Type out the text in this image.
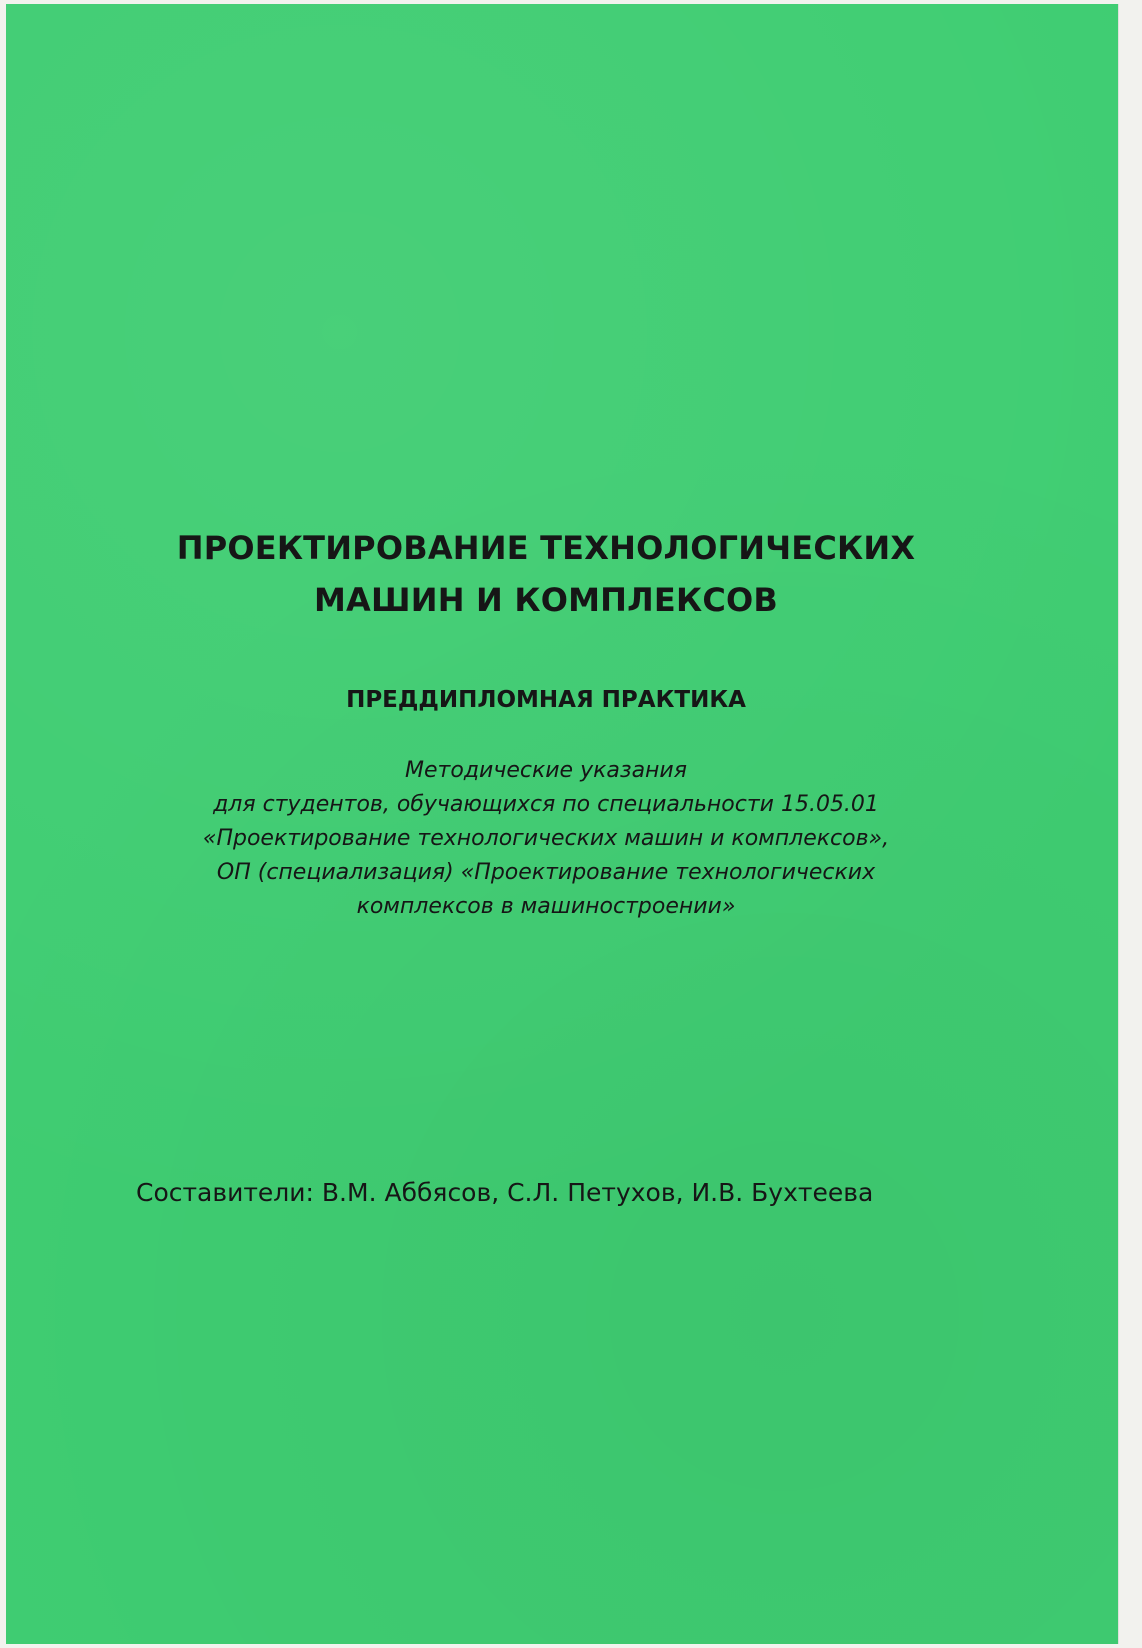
ПРОЕКТИРОВАНИЕ ТЕХНОЛОГИЧЕСКИХ
МАШИН И КОМПЛЕКСОВ
ПРЕДДИПЛОМНАЯ ПРАКТИКА
Методические указания
для студентов, обучающихся по специальности 15.05.01
«Проектирование технологических машин и комплексов»,
ОП (специализация) «Проектирование технологических
комплексов в машиностроении»
Составители: В.М. Аббясов, С.Л. Петухов, И.В. Бухтеева
